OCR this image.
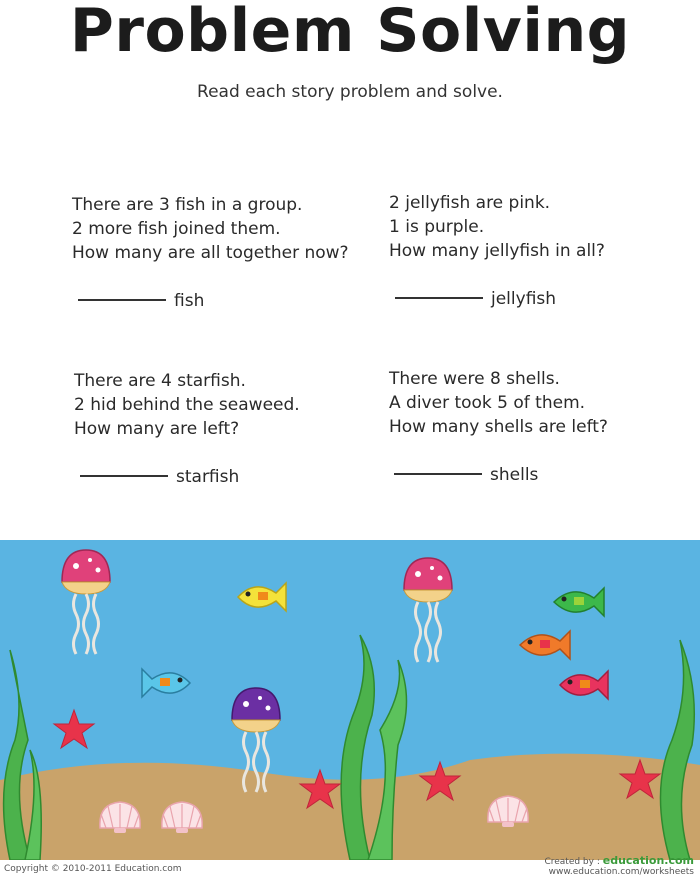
Problem Solving
Read each story problem and solve.
There are 3 fish in a group.
2 more fish joined them.
How many are all together now?
fish
2 jellyfish are pink.
1 is purple.
How many jellyfish in all?
jellyfish
There are 4 starfish.
2 hid behind the seaweed.
How many are left?
starfish
There were 8 shells.
A diver took 5 of them.
How many shells are left?
shells
Copyright © 2010-2011 Education.com
Created by : education.com
www.education.com/worksheets
